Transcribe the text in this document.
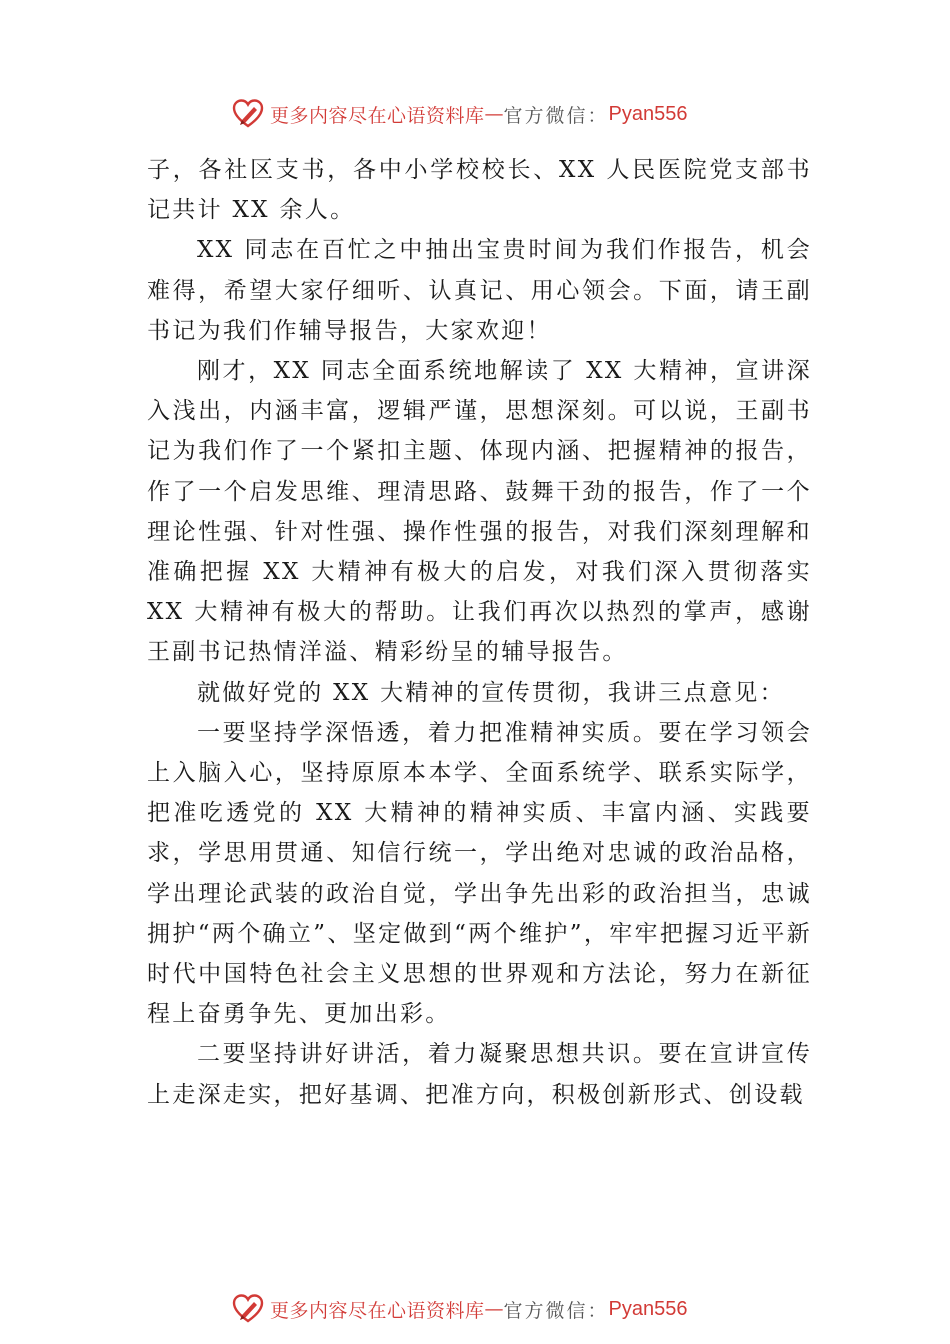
更多内容尽在心语资料库 — 官方微信： Pyan556

子，各社区支书，各中小学校校长、XX 人民医院党支部书记共计 XX 余人。

XX 同志在百忙之中抽出宝贵时间为我们作报告，机会难得，希望大家仔细听、认真记、用心领会。下面，请王副书记为我们作辅导报告，大家欢迎！

刚才，XX 同志全面系统地解读了 XX 大精神，宣讲深入浅出，内涵丰富，逻辑严谨，思想深刻。可以说，王副书记为我们作了一个紧扣主题、体现内涵、把握精神的报告，作了一个启发思维、理清思路、鼓舞干劲的报告，作了一个理论性强、针对性强、操作性强的报告，对我们深刻理解和准确把握 XX 大精神有极大的启发，对我们深入贯彻落实 XX 大精神有极大的帮助。让我们再次以热烈的掌声，感谢王副书记热情洋溢、精彩纷呈的辅导报告。

就做好党的 XX 大精神的宣传贯彻，我讲三点意见：

一要坚持学深悟透，着力把准精神实质。要在学习领会上入脑入心，坚持原原本本学、全面系统学、联系实际学，把准吃透党的 XX 大精神的精神实质、丰富内涵、实践要求，学思用贯通、知信行统一，学出绝对忠诚的政治品格，学出理论武装的政治自觉，学出争先出彩的政治担当，忠诚拥护“两个确立”、坚定做到“两个维护”，牢牢把握习近平新时代中国特色社会主义思想的世界观和方法论，努力在新征程上奋勇争先、更加出彩。

二要坚持讲好讲活，着力凝聚思想共识。要在宣讲宣传上走深走实，把好基调、把准方向，积极创新形式、创设载

更多内容尽在心语资料库 — 官方微信： Pyan556
